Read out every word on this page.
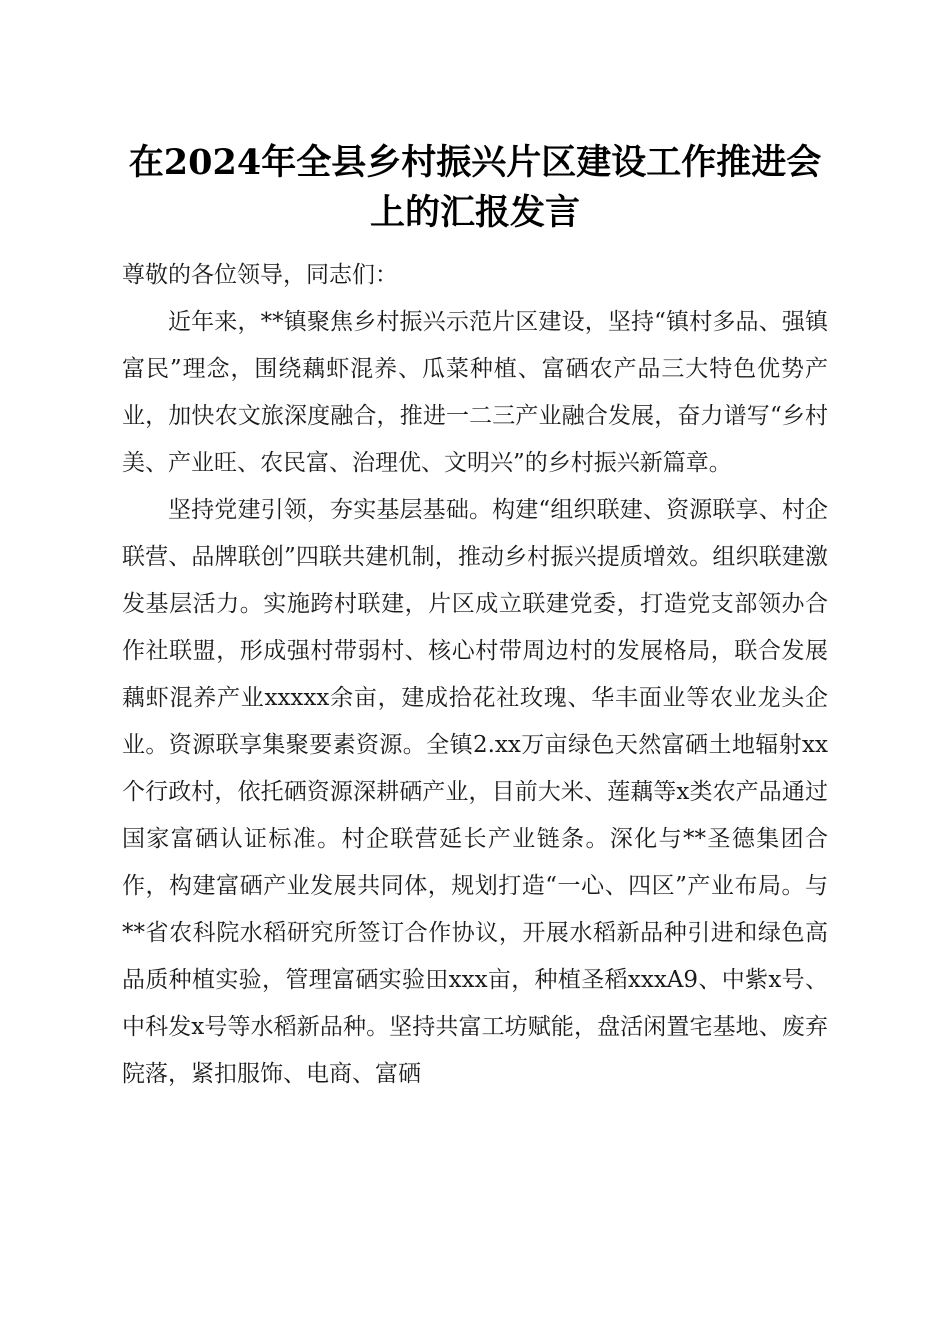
在2024年全县乡村振兴片区建设工作推进会
上的汇报发言

尊敬的各位领导，同志们：

近年来，**镇聚焦乡村振兴示范片区建设，坚持“镇村多品、强镇富民”理念，围绕藕虾混养、瓜菜种植、富硒农产品三大特色优势产业，加快农文旅深度融合，推进一二三产业融合发展，奋力谱写“乡村美、产业旺、农民富、治理优、文明兴”的乡村振兴新篇章。

坚持党建引领，夯实基层基础。构建“组织联建、资源联享、村企联营、品牌联创”四联共建机制，推动乡村振兴提质增效。组织联建激发基层活力。实施跨村联建，片区成立联建党委，打造党支部领办合作社联盟，形成强村带弱村、核心村带周边村的发展格局，联合发展藕虾混养产业xxxxx余亩，建成拾花社玫瑰、华丰面业等农业龙头企业。资源联享集聚要素资源。全镇2.xx万亩绿色天然富硒土地辐射xx个行政村，依托硒资源深耕硒产业，目前大米、莲藕等x类农产品通过国家富硒认证标准。村企联营延长产业链条。深化与**圣德集团合作，构建富硒产业发展共同体，规划打造“一心、四区”产业布局。与**省农科院水稻研究所签订合作协议，开展水稻新品种引进和绿色高品质种植实验，管理富硒实验田xxx亩，种植圣稻xxxA9、中紫x号、中科发x号等水稻新品种。坚持共富工坊赋能，盘活闲置宅基地、废弃院落，紧扣服饰、电商、富硒
